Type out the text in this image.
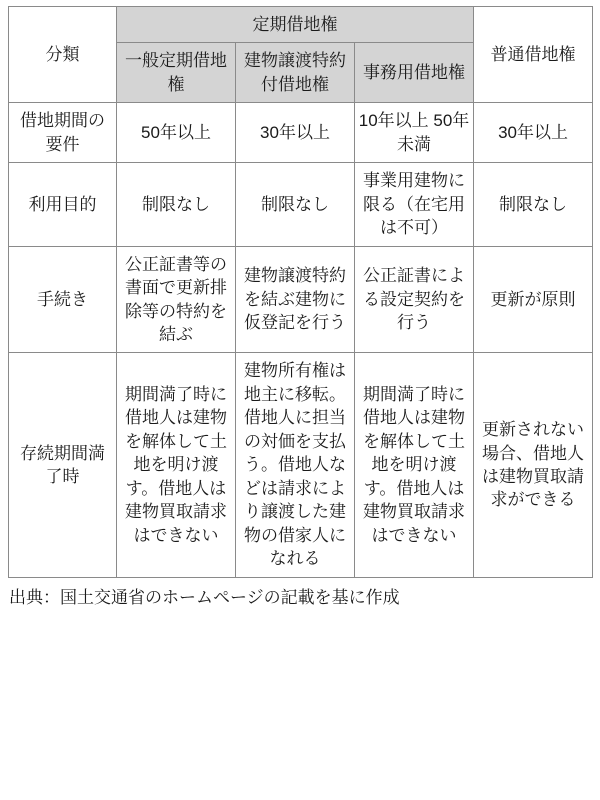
分類	定期借地権			普通借地権
	一般定期借地権	建物譲渡特約付借地権	事務用借地権	
借地期間の要件	50年以上	30年以上	10年以上 50年未満	30年以上
利用目的	制限なし	制限なし	事業用建物に限る（在宅用は不可）	制限なし
手続き	公正証書等の書面で更新排除等の特約を結ぶ	建物譲渡特約を結ぶ建物に仮登記を行う	公正証書による設定契約を行う	更新が原則
存続期間満了時	期間満了時に借地人は建物を解体して土地を明け渡す。借地人は建物買取請求はできない	建物所有権は地主に移転。借地人に担当の対価を支払う。借地人などは請求により譲渡した建物の借家人になれる	期間満了時に借地人は建物を解体して土地を明け渡す。借地人は建物買取請求はできない	更新されない場合、借地人は建物買取請求ができる
出典：国土交通省のホームページの記載を基に作成
